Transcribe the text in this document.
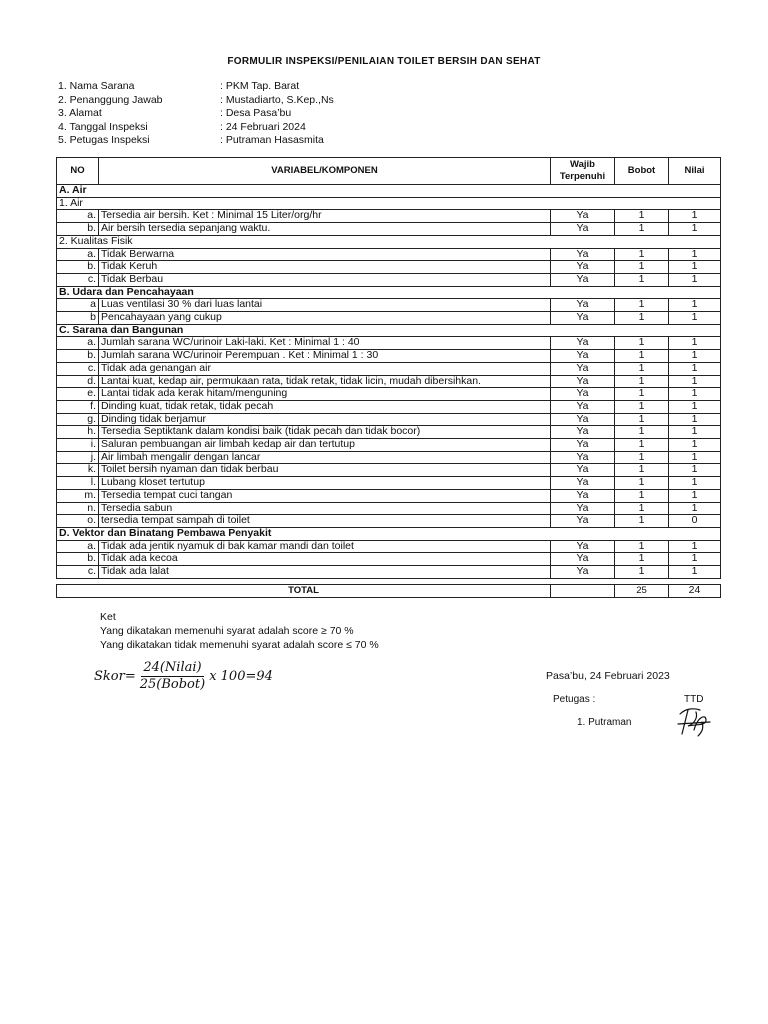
FORMULIR INSPEKSI/PENILAIAN TOILET BERSIH DAN SEHAT
1. Nama Sarana	: PKM Tap. Barat
2. Penanggung Jawab	: Mustadiarto, S.Kep.,Ns
3. Alamat	: Desa Pasa’bu
4. Tanggal Inspeksi	: 24 Februari 2024
5. Petugas Inspeksi	: Putraman Hasasmita
NO	VARIABEL/KOMPONEN	Wajib Terpenuhi	Bobot	Nilai
A. Air				
1. Air				
a.	Tersedia air bersih. Ket : Minimal 15 Liter/org/hr	Ya	1	1
b.	Air bersih tersedia sepanjang waktu.	Ya	1	1
2. Kualitas Fisik				
a.	Tidak Berwarna	Ya	1	1
b.	Tidak Keruh	Ya	1	1
c.	Tidak Berbau	Ya	1	1
B. Udara dan Pencahayaan				
a	Luas ventilasi 30 % dari luas lantai	Ya	1	1
b	Pencahayaan yang cukup	Ya	1	1
C. Sarana dan Bangunan				
a.	Jumlah sarana WC/urinoir Laki-laki. Ket : Minimal 1 : 40	Ya	1	1
b.	Jumlah sarana WC/urinoir Perempuan . Ket : Minimal 1 : 30	Ya	1	1
c.	Tidak ada genangan air	Ya	1	1
d.	Lantai kuat, kedap air, permukaan rata, tidak retak, tidak licin, mudah dibersihkan.	Ya	1	1
e.	Lantai tidak ada kerak hitam/menguning	Ya	1	1
f.	Dinding kuat, tidak retak, tidak pecah	Ya	1	1
g.	Dinding tidak berjamur	Ya	1	1
h.	Tersedia Septiktank dalam kondisi baik (tidak pecah dan tidak bocor)	Ya	1	1
i.	Saluran pembuangan air limbah kedap air dan tertutup	Ya	1	1
j.	Air limbah mengalir dengan lancar	Ya	1	1
k.	Toilet bersih nyaman dan tidak berbau	Ya	1	1
l.	Lubang kloset tertutup	Ya	1	1
m.	Tersedia tempat cuci tangan	Ya	1	1
n.	Tersedia sabun	Ya	1	1
o.	tersedia tempat sampah di toilet	Ya	1	0
D. Vektor dan Binatang Pembawa Penyakit				
a.	Tidak ada jentik nyamuk di bak kamar mandi dan toilet	Ya	1	1
b.	Tidak ada kecoa	Ya	1	1
c.	Tidak ada lalat	Ya	1	1
TOTAL		25	24
Ket
Yang dikatakan memenuhi syarat adalah score ≥ 70 %
Yang dikatakan tidak memenuhi syarat adalah score ≤ 70 %
Skor = $\frac{\text{24(Nilai)}}{\text{25(Bobot)}}$ x 100=94	Pasa’bu, 24 Februari 2023
Petugas :	TTD
1. Putraman
